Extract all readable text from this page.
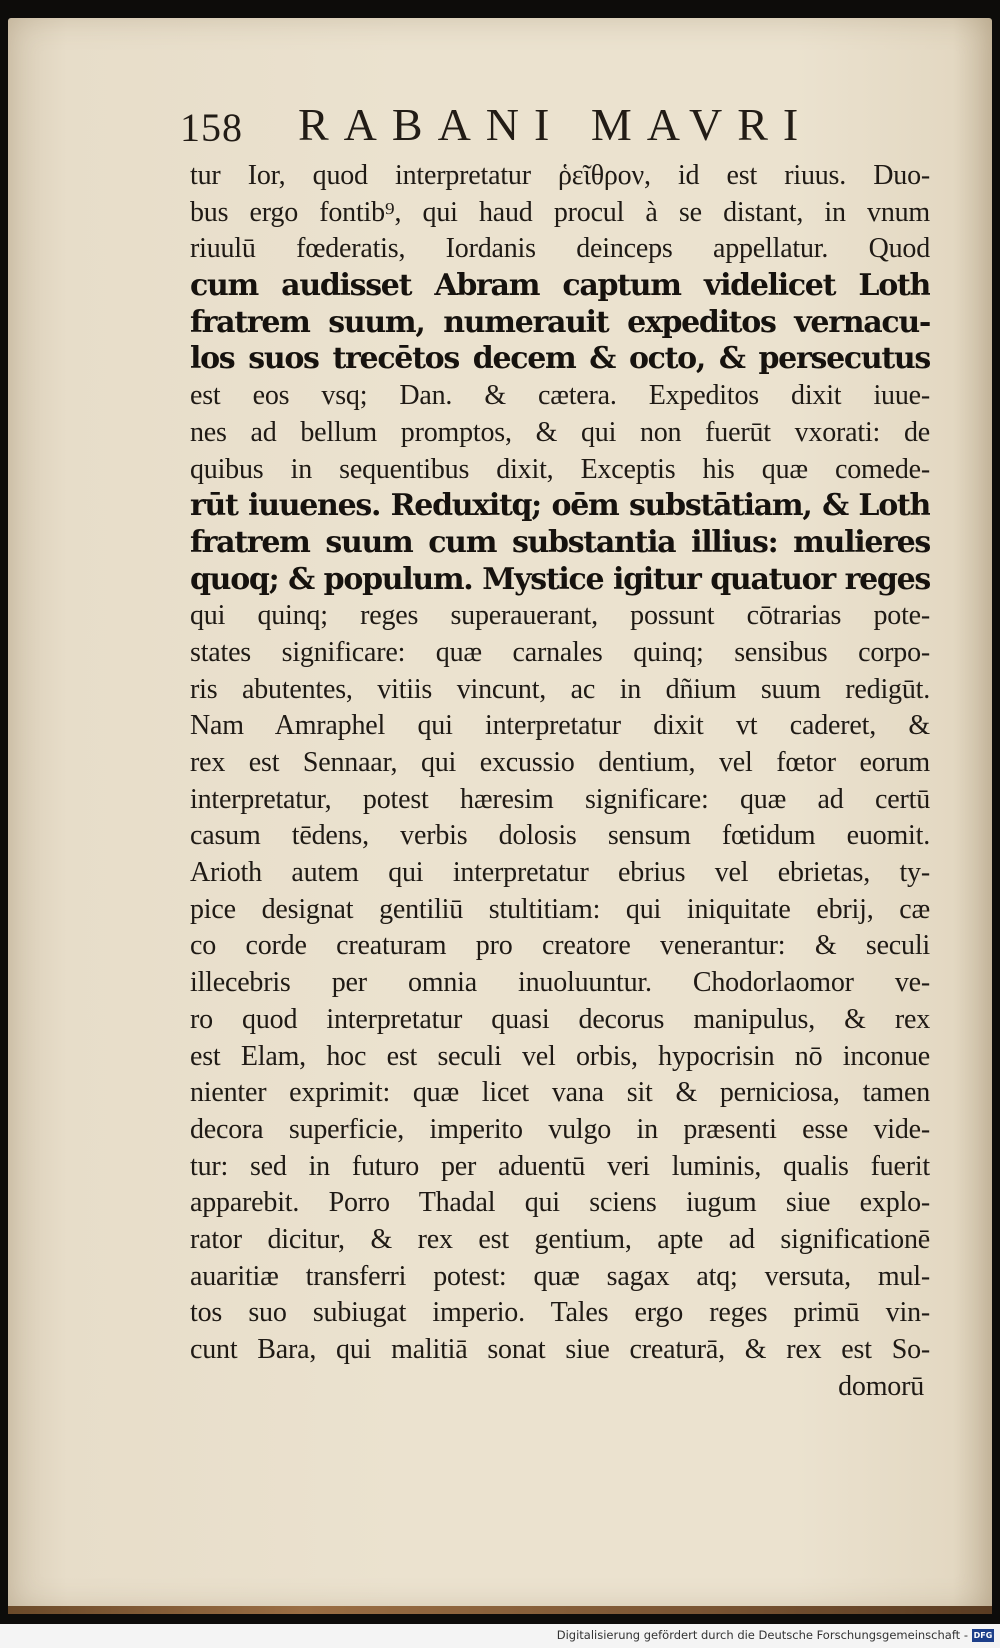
158 RABANI MAVRI
tur Ior, quod interpretatur ῥεῖθρον, id est riuus. Duo-
bus ergo fontib⁹, qui haud procul à se distant, in vnum
riuulū fœderatis, Iordanis deinceps appellatur. Quod
cum audisset Abram captum videlicet Loth
fratrem suum, numerauit expeditos vernacu-
los suos trecētos decem & octo, & persecutus
est eos vsq; Dan. & cætera. Expeditos dixit iuue-
nes ad bellum promptos, & qui non fuerūt vxorati: de
quibus in sequentibus dixit, Exceptis his quæ comede-
rūt iuuenes. Reduxitq; oēm substātiam, & Loth
fratrem suum cum substantia illius: mulieres
quoq; & populum. Mystice igitur quatuor reges
qui quinq; reges superauerant, possunt cōtrarias pote-
states significare: quæ carnales quinq; sensibus corpo-
ris abutentes, vitiis vincunt, ac in dñium suum redigūt.
Nam Amraphel qui interpretatur dixit vt caderet, &
rex est Sennaar, qui excussio dentium, vel fœtor eorum
interpretatur, potest hæresim significare: quæ ad certū
casum tēdens, verbis dolosis sensum fœtidum euomit.
Arioth autem qui interpretatur ebrius vel ebrietas, ty-
pice designat gentiliū stultitiam: qui iniquitate ebrij, cæ
co corde creaturam pro creatore venerantur: & seculi
illecebris per omnia inuoluuntur. Chodorlaomor ve-
ro quod interpretatur quasi decorus manipulus, & rex
est Elam, hoc est seculi vel orbis, hypocrisin nō inconue
nienter exprimit: quæ licet vana sit & perniciosa, tamen
decora superficie, imperito vulgo in præsenti esse vide-
tur: sed in futuro per aduentū veri luminis, qualis fuerit
apparebit. Porro Thadal qui sciens iugum siue explo-
rator dicitur, & rex est gentium, apte ad significationē
auaritiæ transferri potest: quæ sagax atq; versuta, mul-
tos suo subiugat imperio. Tales ergo reges primū vin-
cunt Bara, qui malitiā sonat siue creaturā, & rex est So-
domorū
Digitalisierung gefördert durch die Deutsche Forschungsgemeinschaft - DFG
